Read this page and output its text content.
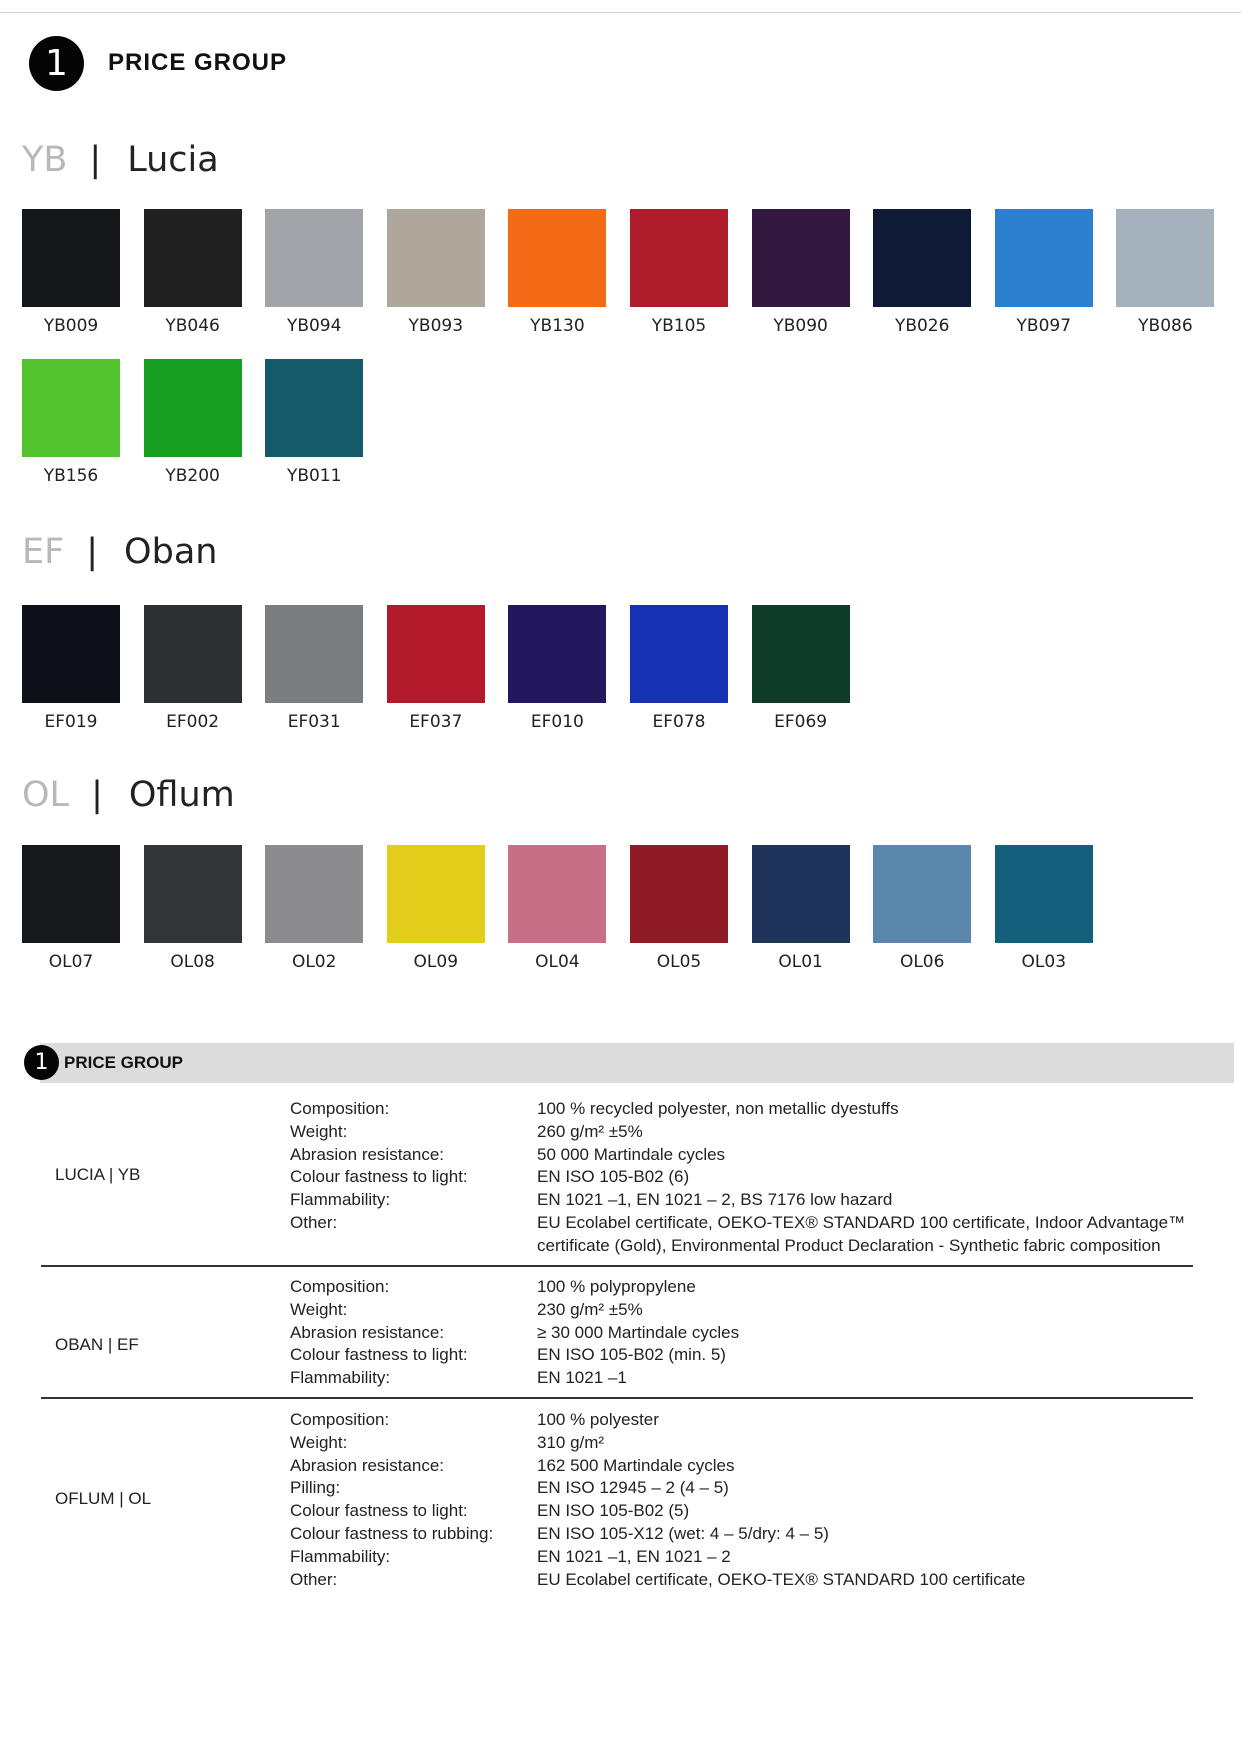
1	PRICE GROUP
YB | Lucia
YB009	YB046	YB094	YB093	YB130	YB105	YB090	YB026	YB097	YB086
YB156	YB200	YB011
EF | Oban
EF019	EF002	EF031	EF037	EF010	EF078	EF069
OL | Oflum
OL07	OL08	OL02	OL09	OL04	OL05	OL01	OL06	OL03
1 PRICE GROUP
LUCIA | YB
Composition:	100 % recycled polyester, non metallic dyestuffs
Weight:	260 g/m² ±5%
Abrasion resistance:	50 000 Martindale cycles
Colour fastness to light:	EN ISO 105-B02 (6)
Flammability:	EN 1021 –1, EN 1021 – 2, BS 7176 low hazard
Other:	EU Ecolabel certificate, OEKO-TEX® STANDARD 100 certificate, Indoor Advantage™ certificate (Gold), Environmental Product Declaration - Synthetic fabric composition
OBAN | EF
Composition:	100 % polypropylene
Weight:	230 g/m² ±5%
Abrasion resistance:	≥ 30 000 Martindale cycles
Colour fastness to light:	EN ISO 105-B02 (min. 5)
Flammability:	EN 1021 –1
OFLUM | OL
Composition:	100 % polyester
Weight:	310 g/m²
Abrasion resistance:	162 500 Martindale cycles
Pilling:	EN ISO 12945 – 2 (4 – 5)
Colour fastness to light:	EN ISO 105-B02 (5)
Colour fastness to rubbing:	EN ISO 105-X12 (wet: 4 – 5/dry: 4 – 5)
Flammability:	EN 1021 –1, EN 1021 – 2
Other:	EU Ecolabel certificate, OEKO-TEX® STANDARD 100 certificate
